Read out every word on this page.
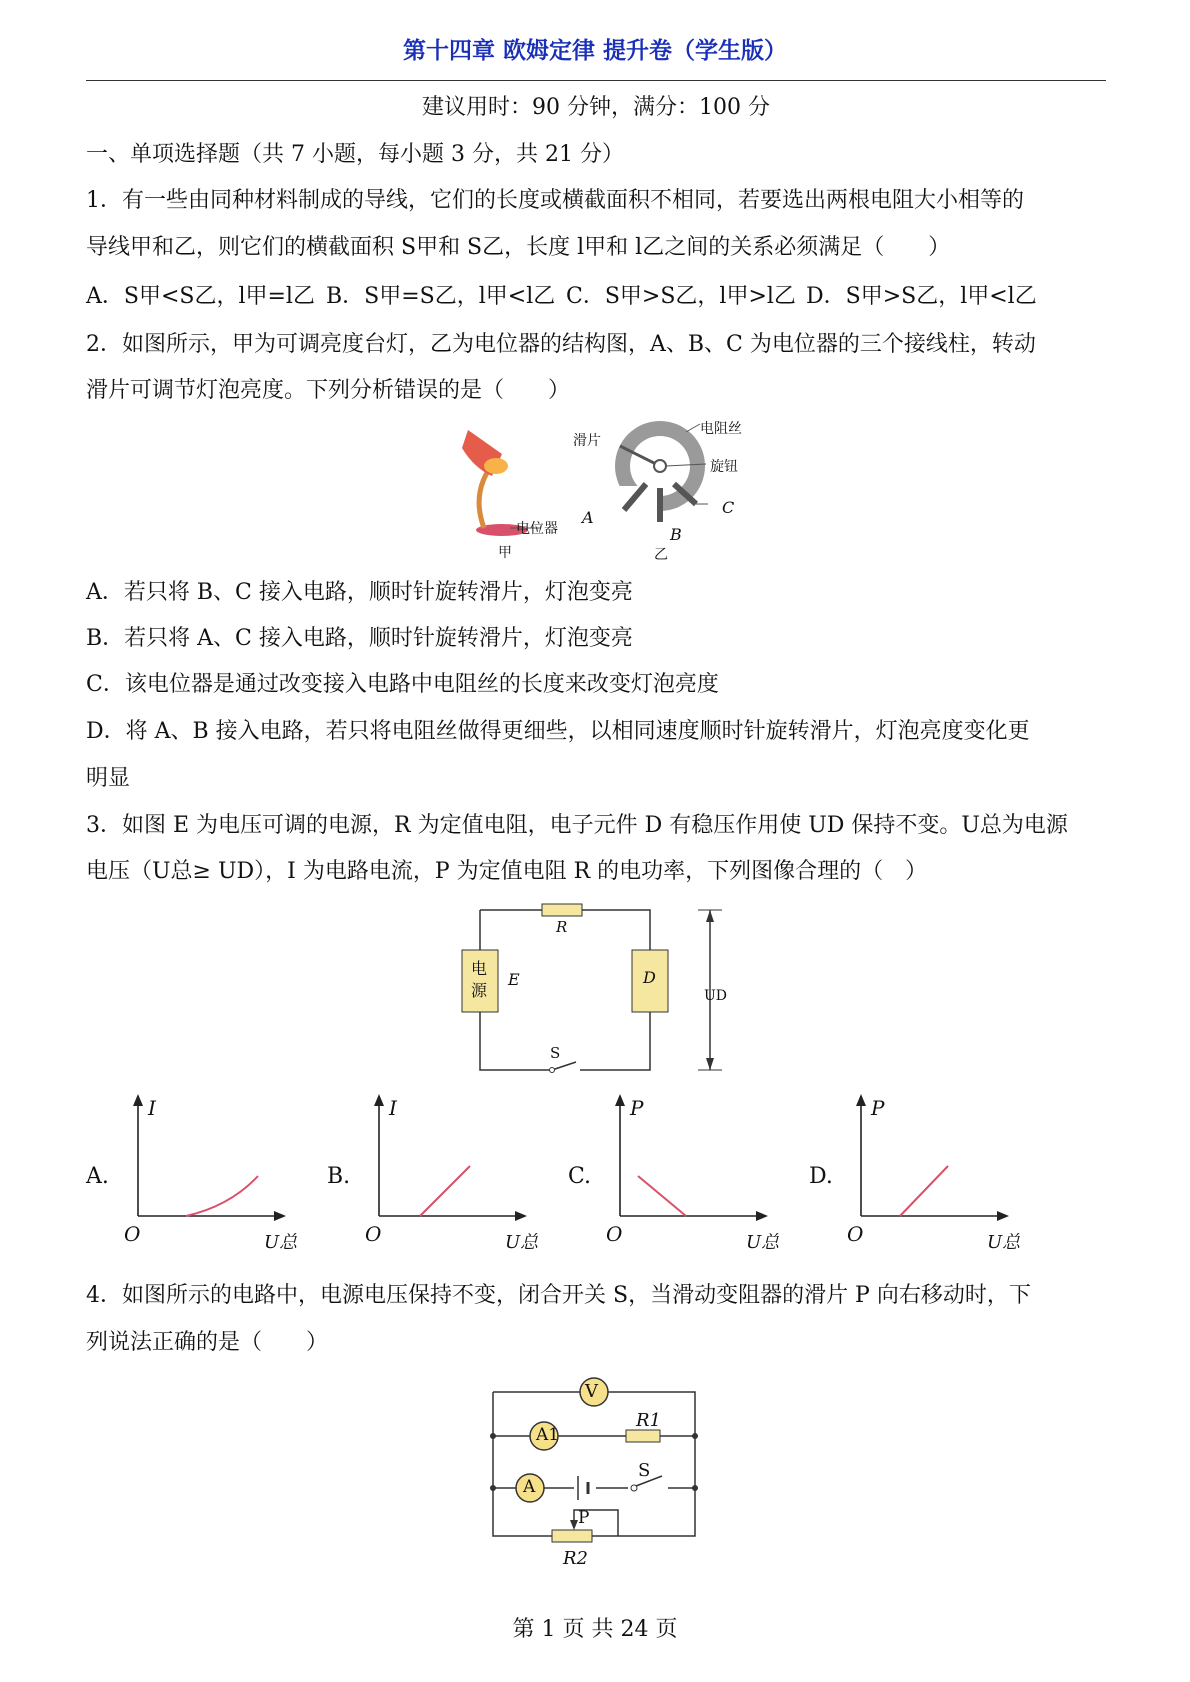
第十四章 欧姆定律 提升卷（学生版）
建议用时：90 分钟，满分：100 分
一、单项选择题（共 7 小题，每小题 3 分，共 21 分）
1．有一些由同种材料制成的导线，它们的长度或横截面积不相同，若要选出两根电阻大小相等的
导线甲和乙，则它们的横截面积 S甲和 S乙，长度 l甲和 l乙之间的关系必须满足（　　）
A．S甲<S乙，l甲=l乙 B．S甲=S乙，l甲<l乙 C．S甲>S乙，l甲>l乙 D．S甲>S乙，l甲<l乙
2．如图所示，甲为可调亮度台灯，乙为电位器的结构图，A、B、C 为电位器的三个接线柱，转动
滑片可调节灯泡亮度。下列分析错误的是（　　）
电位器
甲
滑片
电阻丝
旋钮
A
B
C
乙
A．若只将 B、C 接入电路，顺时针旋转滑片，灯泡变亮
B．若只将 A、C 接入电路，顺时针旋转滑片，灯泡变亮
C．该电位器是通过改变接入电路中电阻丝的长度来改变灯泡亮度
D．将 A、B 接入电路，若只将电阻丝做得更细些，以相同速度顺时针旋转滑片，灯泡亮度变化更
明显
3．如图 E 为电压可调的电源，R 为定值电阻，电子元件 D 有稳压作用使 UD 保持不变。U总为电源
电压（U总≥ UD），I 为电路电流，P 为定值电阻 R 的电功率，下列图像合理的（　）
R
电
源
E	D
UD
S
A.
I
O	U总
B.
I
O	U总
C.
P
O	U总
D.
P
O	U总
4．如图所示的电路中，电源电压保持不变，闭合开关 S，当滑动变阻器的滑片 P 向右移动时，下
列说法正确的是（　　）
V
A1
R1
A
S
P
R2
第 1 页 共 24 页
